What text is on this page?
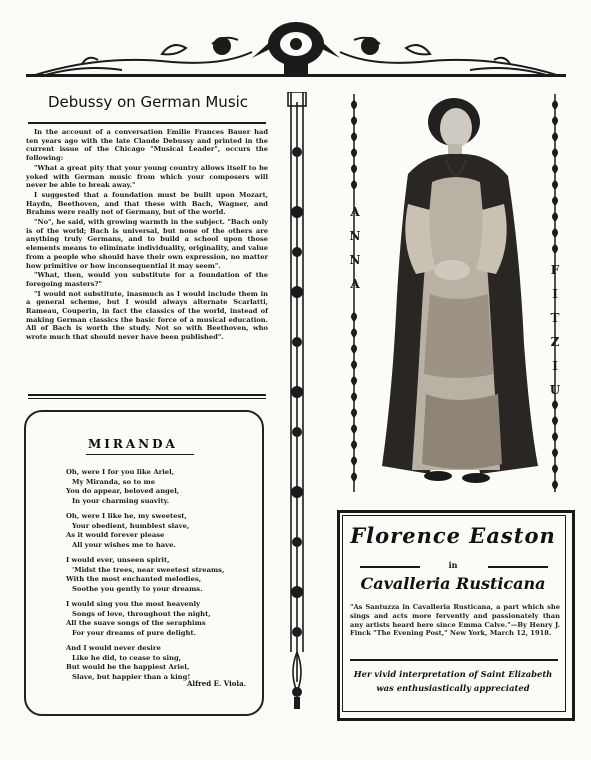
Debussy on German Music

In the account of a conversation Emilie Frances Bauer had ten years ago with the late Claude Debussy and printed in the current issue of the Chicago "Musical Leader", occurs the following:

"What a great pity that your young country allows itself to be yoked with German music from which your composers will never be able to break away."

I suggested that a foundation must be built upon Mozart, Haydn, Beethoven, and that these with Bach, Wagner, and Brahms were really not of Germany, but of the world.

"No", he said, with growing warmth in the subject. "Bach only is of the world; Bach is universal, but none of the others are anything truly Germans, and to build a school upon those elements means to eliminate individuality, originality, and value from a people who should have their own expression, no matter how primitive or how inconsequential it may seem".

"What, then, would you substitute for a foundation of the foregoing masters?"

"I would not substitute, inasmuch as I would include them in a general scheme, but I would always alternate Scarlatti, Rameau, Couperin, in fact the classics of the world, instead of making German classics the basic force of a musical education. All of Bach is worth the study. Not so with Beethoven, who wrote much that should never have been published".

MIRANDA
Oh, were I for you like Ariel,
My Miranda, so to me
You do appear, beloved angel,
In your charming suavity.
Oh, were I like he, my sweetest,
Your obedient, humblest slave,
As it would forever please
All your wishes me to have.
I would ever, unseen spirit,
'Midst the trees, near sweetest streams,
With the most enchanted melodies,
Soothe you gently to your dreams.
I would sing you the most heavenly
Songs of love, throughout the night,
All the suave songs of the seraphims
For your dreams of pure delight.
And I would never desire
Like he did, to cease to sing,
But would be the happiest Ariel,
Slave, but happier than a king!
Alfred E. Viola.
A
N
N
A
F
I
T
Z
I
U
Florence Easton
in
Cavalleria Rusticana
"As Santuzza in Cavalleria Rusticana, a part which she sings and acts more fervently and passionately than any artists heard here since Emma Calve."—By Henry J. Finck "The Evening Post," New York, March 12, 1918.
Her vivid interpretation of Saint Elizabeth
was enthusiastically appreciated
